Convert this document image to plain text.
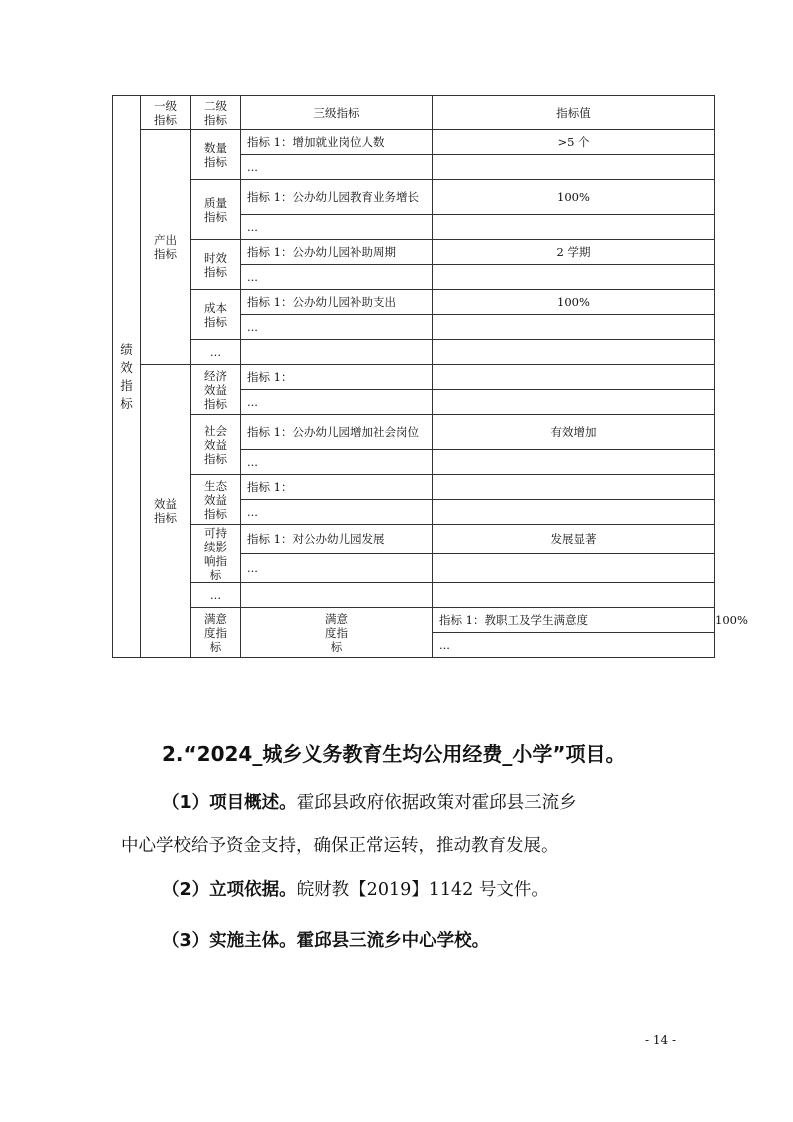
绩效指标	一级指标	二级指标	三级指标	指标值	

	产出指标	数量指标	指标 1：增加就业岗位人数	>5 个	
			...		

		质量指标	指标 1：公办幼儿园教育业务增长	100%	
			...		

		时效指标	指标 1：公办幼儿园补助周期	2 学期	
			...		

		成本指标	指标 1：公办幼儿园补助支出	100%	
			...		
		...			

	效益指标	经济效益指标	指标 1：		
			...		

		社会效益指标	指标 1：公办幼儿园增加社会岗位	有效增加	
			...		

		生态效益指标	指标 1：		
			...		

		可持续影响指标	指标 1：对公办幼儿园发展	发展显著	
			...		
		...			

		满意度指标	满意度指标	指标 1：教职工及学生满意度	100%
				...	

2.“2024_城乡义务教育生均公用经费_小学”项目。

（1）项目概述。霍邱县政府依据政策对霍邱县三流乡

中心学校给予资金支持，确保正常运转，推动教育发展。

（2）立项依据。皖财教【2019】1142 号文件。

（3）实施主体。霍邱县三流乡中心学校。

- 14 -
